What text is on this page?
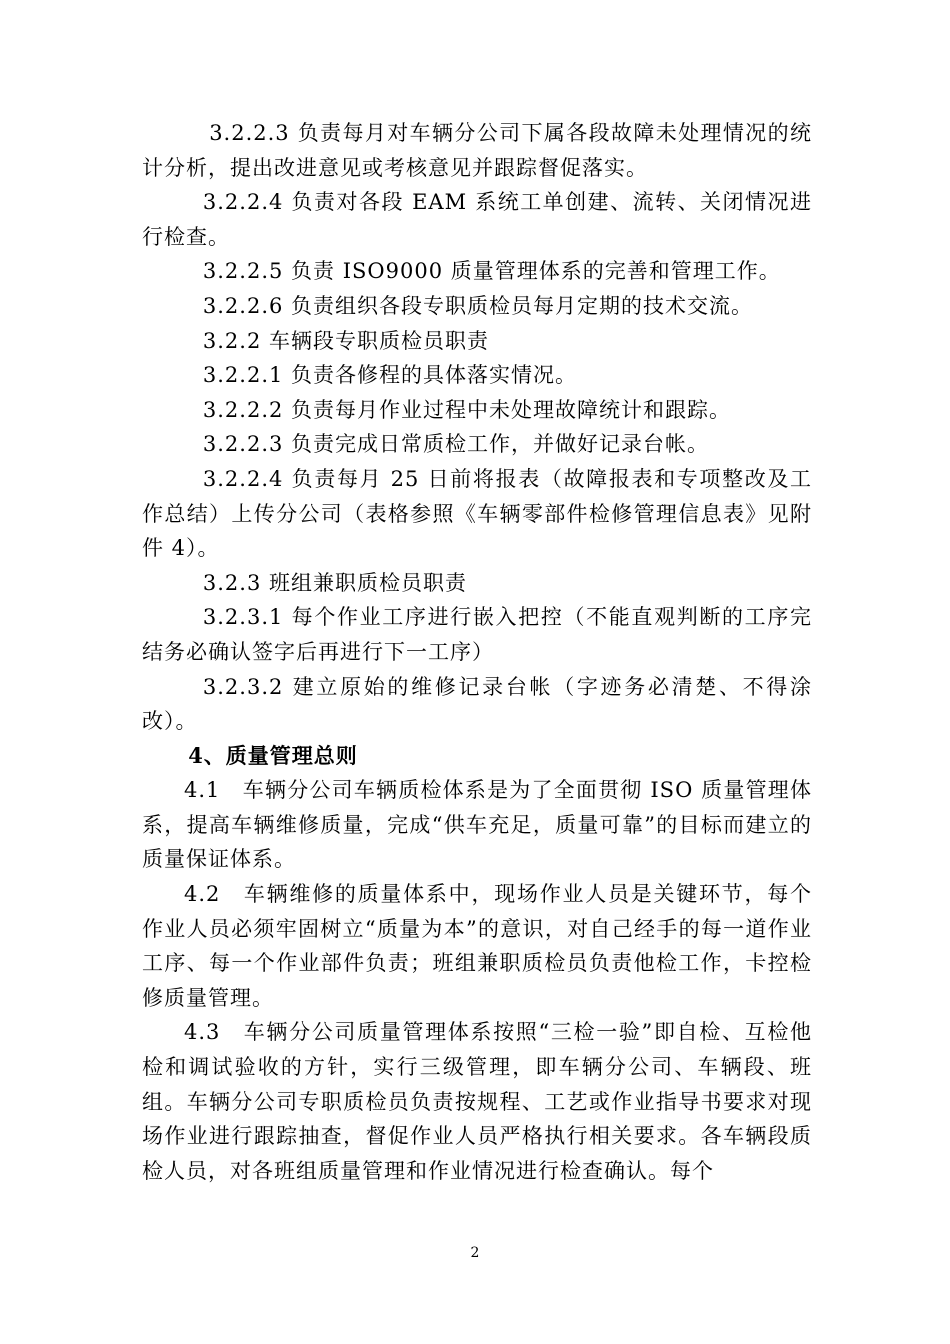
3.2.2.3 负责每月对车辆分公司下属各段故障未处理情况的统计分析，提出改进意见或考核意见并跟踪督促落实。

3.2.2.4 负责对各段 EAM 系统工单创建、流转、关闭情况进行检查。

3.2.2.5 负责 ISO9000 质量管理体系的完善和管理工作。

3.2.2.6 负责组织各段专职质检员每月定期的技术交流。

3.2.2 车辆段专职质检员职责

3.2.2.1 负责各修程的具体落实情况。

3.2.2.2 负责每月作业过程中未处理故障统计和跟踪。

3.2.2.3 负责完成日常质检工作，并做好记录台帐。

3.2.2.4 负责每月 25 日前将报表（故障报表和专项整改及工作总结）上传分公司（表格参照《车辆零部件检修管理信息表》见附件 4）。

3.2.3 班组兼职质检员职责

3.2.3.1 每个作业工序进行嵌入把控（不能直观判断的工序完结务必确认签字后再进行下一工序）

3.2.3.2 建立原始的维修记录台帐（字迹务必清楚、不得涂改）。

4、质量管理总则

4.1　车辆分公司车辆质检体系是为了全面贯彻 ISO 质量管理体系，提高车辆维修质量，完成“供车充足，质量可靠”的目标而建立的质量保证体系。

4.2　车辆维修的质量体系中，现场作业人员是关键环节，每个作业人员必须牢固树立“质量为本”的意识，对自己经手的每一道作业工序、每一个作业部件负责；班组兼职质检员负责他检工作，卡控检修质量管理。

4.3　车辆分公司质量管理体系按照“三检一验”即自检、互检他检和调试验收的方针，实行三级管理，即车辆分公司、车辆段、班组。车辆分公司专职质检员负责按规程、工艺或作业指导书要求对现场作业进行跟踪抽查，督促作业人员严格执行相关要求。各车辆段质检人员，对各班组质量管理和作业情况进行检查确认。每个

2
